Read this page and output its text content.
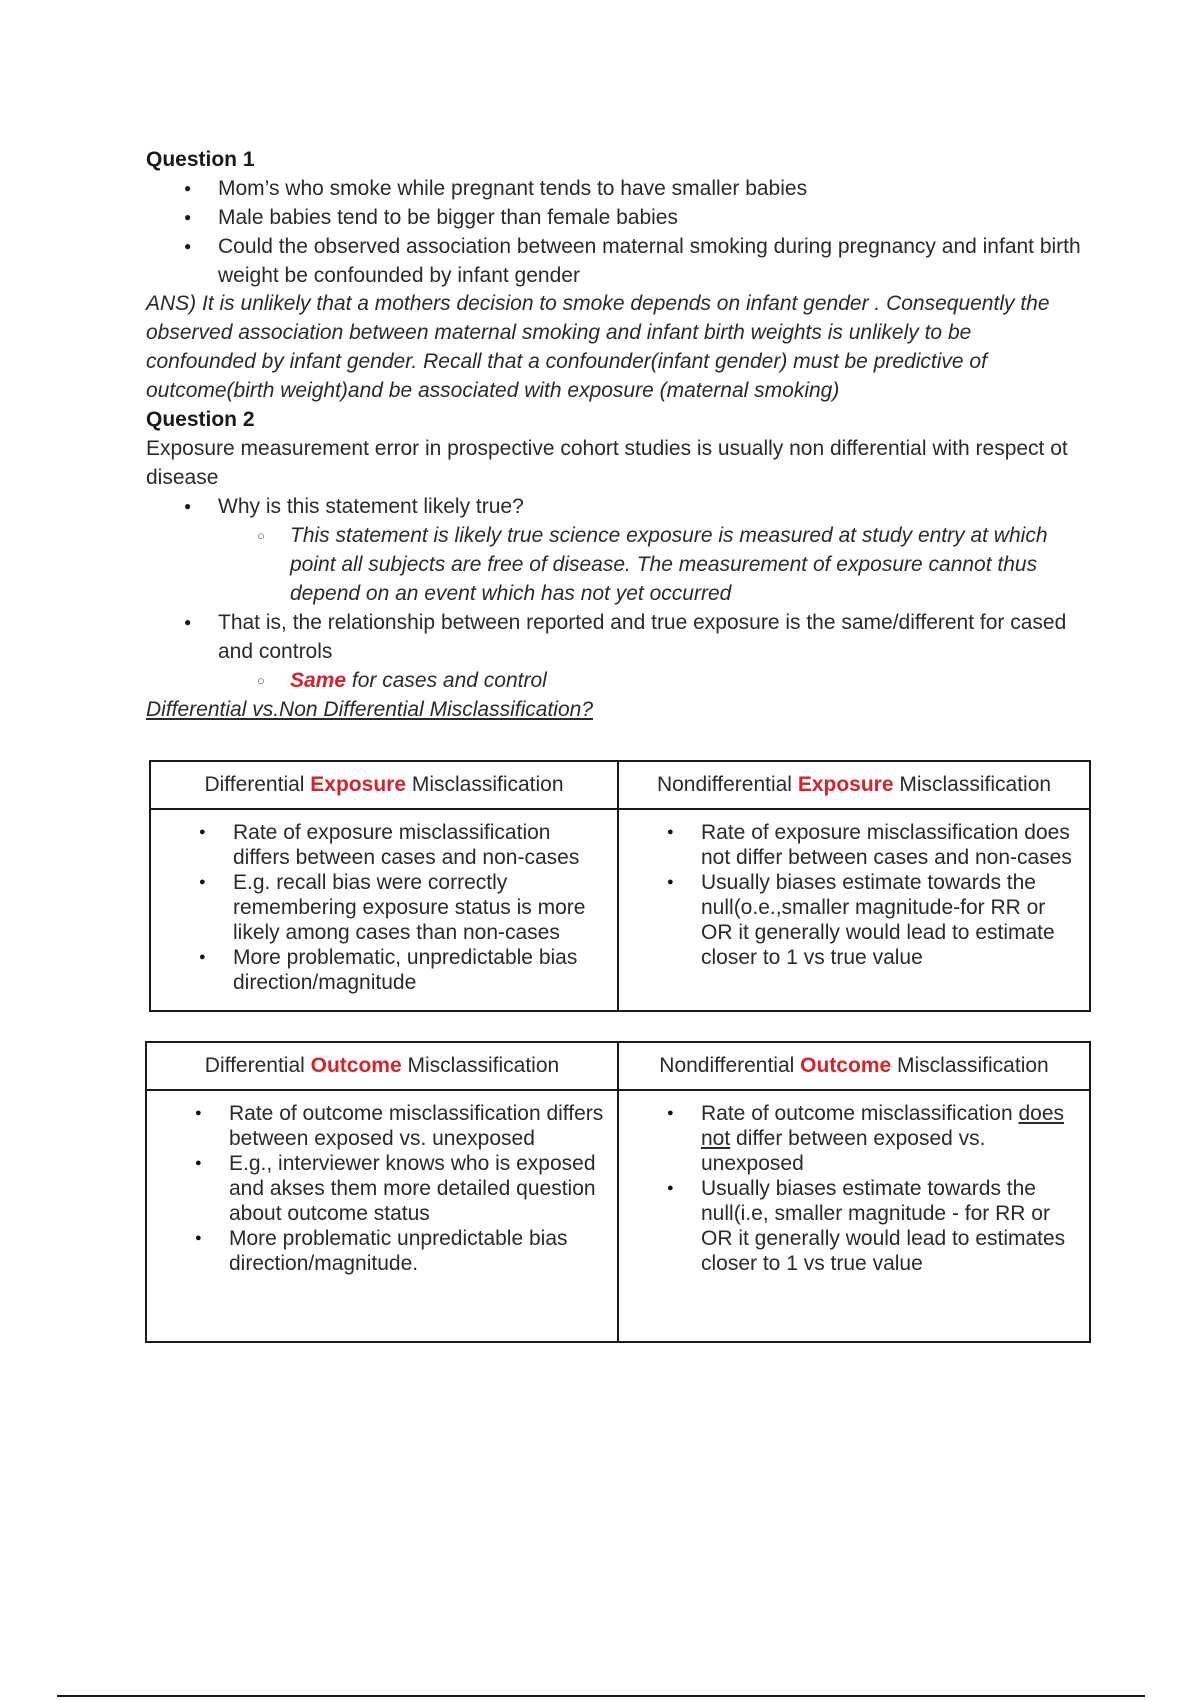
Question 1

● Mom’s who smoke while pregnant tends to have smaller babies
● Male babies tend to be bigger than female babies
● Could the observed association between maternal smoking during pregnancy and infant birth weight be confounded by infant gender

ANS) It is unlikely that a mothers decision to smoke depends on infant gender . Consequently the observed association between maternal smoking and infant birth weights is unlikely to be confounded by infant gender. Recall that a confounder(infant gender) must be predictive of outcome(birth weight)and be associated with exposure (maternal smoking)

Question 2

Exposure measurement error in prospective cohort studies is usually non differential with respect ot disease

● Why is this statement likely true?
○ This statement is likely true science exposure is measured at study entry at which point all subjects are free of disease. The measurement of exposure cannot thus depend on an event which has not yet occurred
● That is, the relationship between reported and true exposure is the same/different for cased and controls
○ Same for cases and control

Differential vs.Non Differential Misclassification?

Differential Exposure Misclassification	Nondifferential Exposure Misclassification

● Rate of exposure misclassification differs between cases and non-cases
● E.g. recall bias were correctly remembering exposure status is more likely among cases than non-cases
● More problematic, unpredictable bias direction/magnitude

● Rate of exposure misclassification does not differ between cases and non-cases
● Usually biases estimate towards the null(o.e.,smaller magnitude-for RR or OR it generally would lead to estimate closer to 1 vs true value
Differential Outcome Misclassification	Nondifferential Outcome Misclassification

● Rate of outcome misclassification differs between exposed vs. unexposed
● E.g., interviewer knows who is exposed and akses them more detailed question about outcome status
● More problematic unpredictable bias direction/magnitude.

● Rate of outcome misclassification does not differ between exposed vs. unexposed
● Usually biases estimate towards the null(i.e, smaller magnitude - for RR or OR it generally would lead to estimates closer to 1 vs true value
